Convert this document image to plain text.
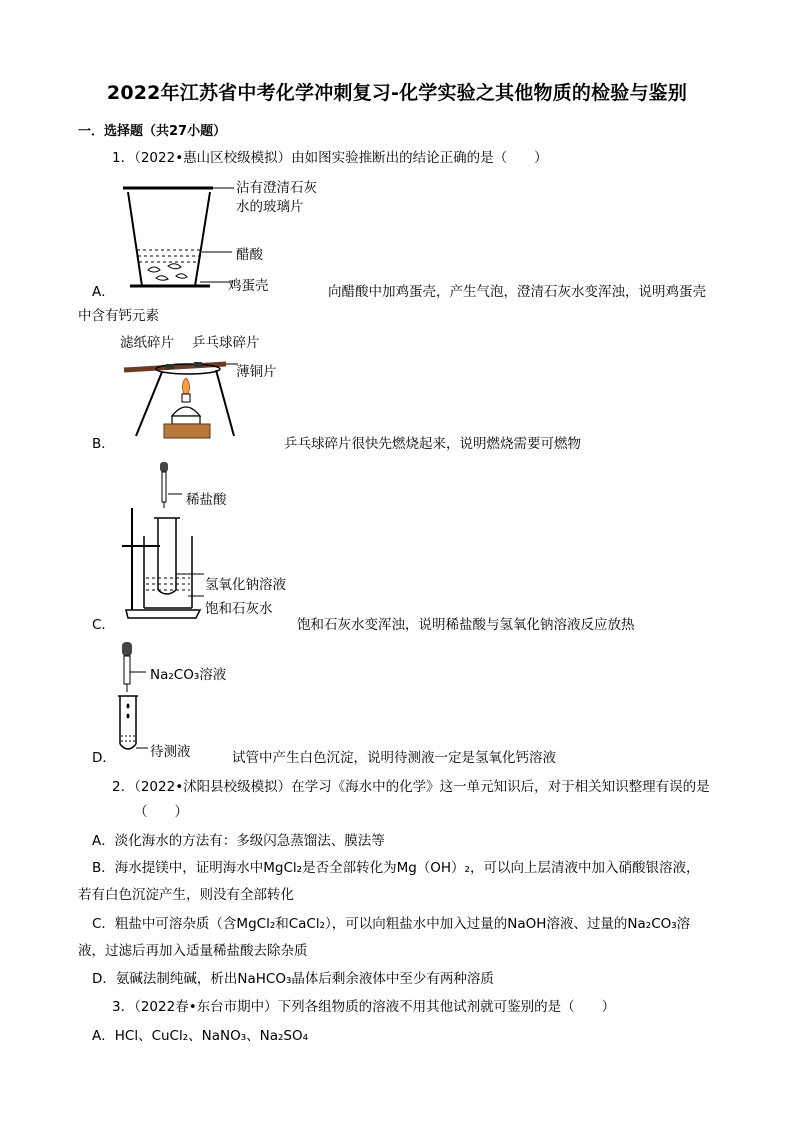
2022年江苏省中考化学冲刺复习-化学实验之其他物质的检验与鉴别
一．选择题（共27小题）
1．（2022•惠山区校级模拟）由如图实验推断出的结论正确的是（　　）
沾有澄清石灰
水的玻璃片
醋酸
鸡蛋壳
A．	向醋酸中加鸡蛋壳，产生气泡，澄清石灰水变浑浊，说明鸡蛋壳
中含有钙元素
滤纸碎片 乒乓球碎片
薄铜片
B．	乒乓球碎片很快先燃烧起来，说明燃烧需要可燃物
稀盐酸
氢氧化钠溶液
饱和石灰水
C．	饱和石灰水变浑浊，说明稀盐酸与氢氧化钠溶液反应放热
Na₂CO₃溶液
待测液
D．	试管中产生白色沉淀，说明待测液一定是氢氧化钙溶液
2．（2022•沭阳县校级模拟）在学习《海水中的化学》这一单元知识后，对于相关知识整理有误的是
（　　）
A．淡化海水的方法有：多级闪急蒸馏法、膜法等
B．海水提镁中，证明海水中MgCl₂是否全部转化为Mg（OH）₂，可以向上层清液中加入硝酸银溶液，
若有白色沉淀产生，则没有全部转化
C．粗盐中可溶杂质（含MgCl₂和CaCl₂），可以向粗盐水中加入过量的NaOH溶液、过量的Na₂CO₃溶
液，过滤后再加入适量稀盐酸去除杂质
D．氨碱法制纯碱，析出NaHCO₃晶体后剩余液体中至少有两种溶质
3．（2022春•东台市期中）下列各组物质的溶液不用其他试剂就可鉴别的是（　　）
A．HCl、CuCl₂、NaNO₃、Na₂SO₄
